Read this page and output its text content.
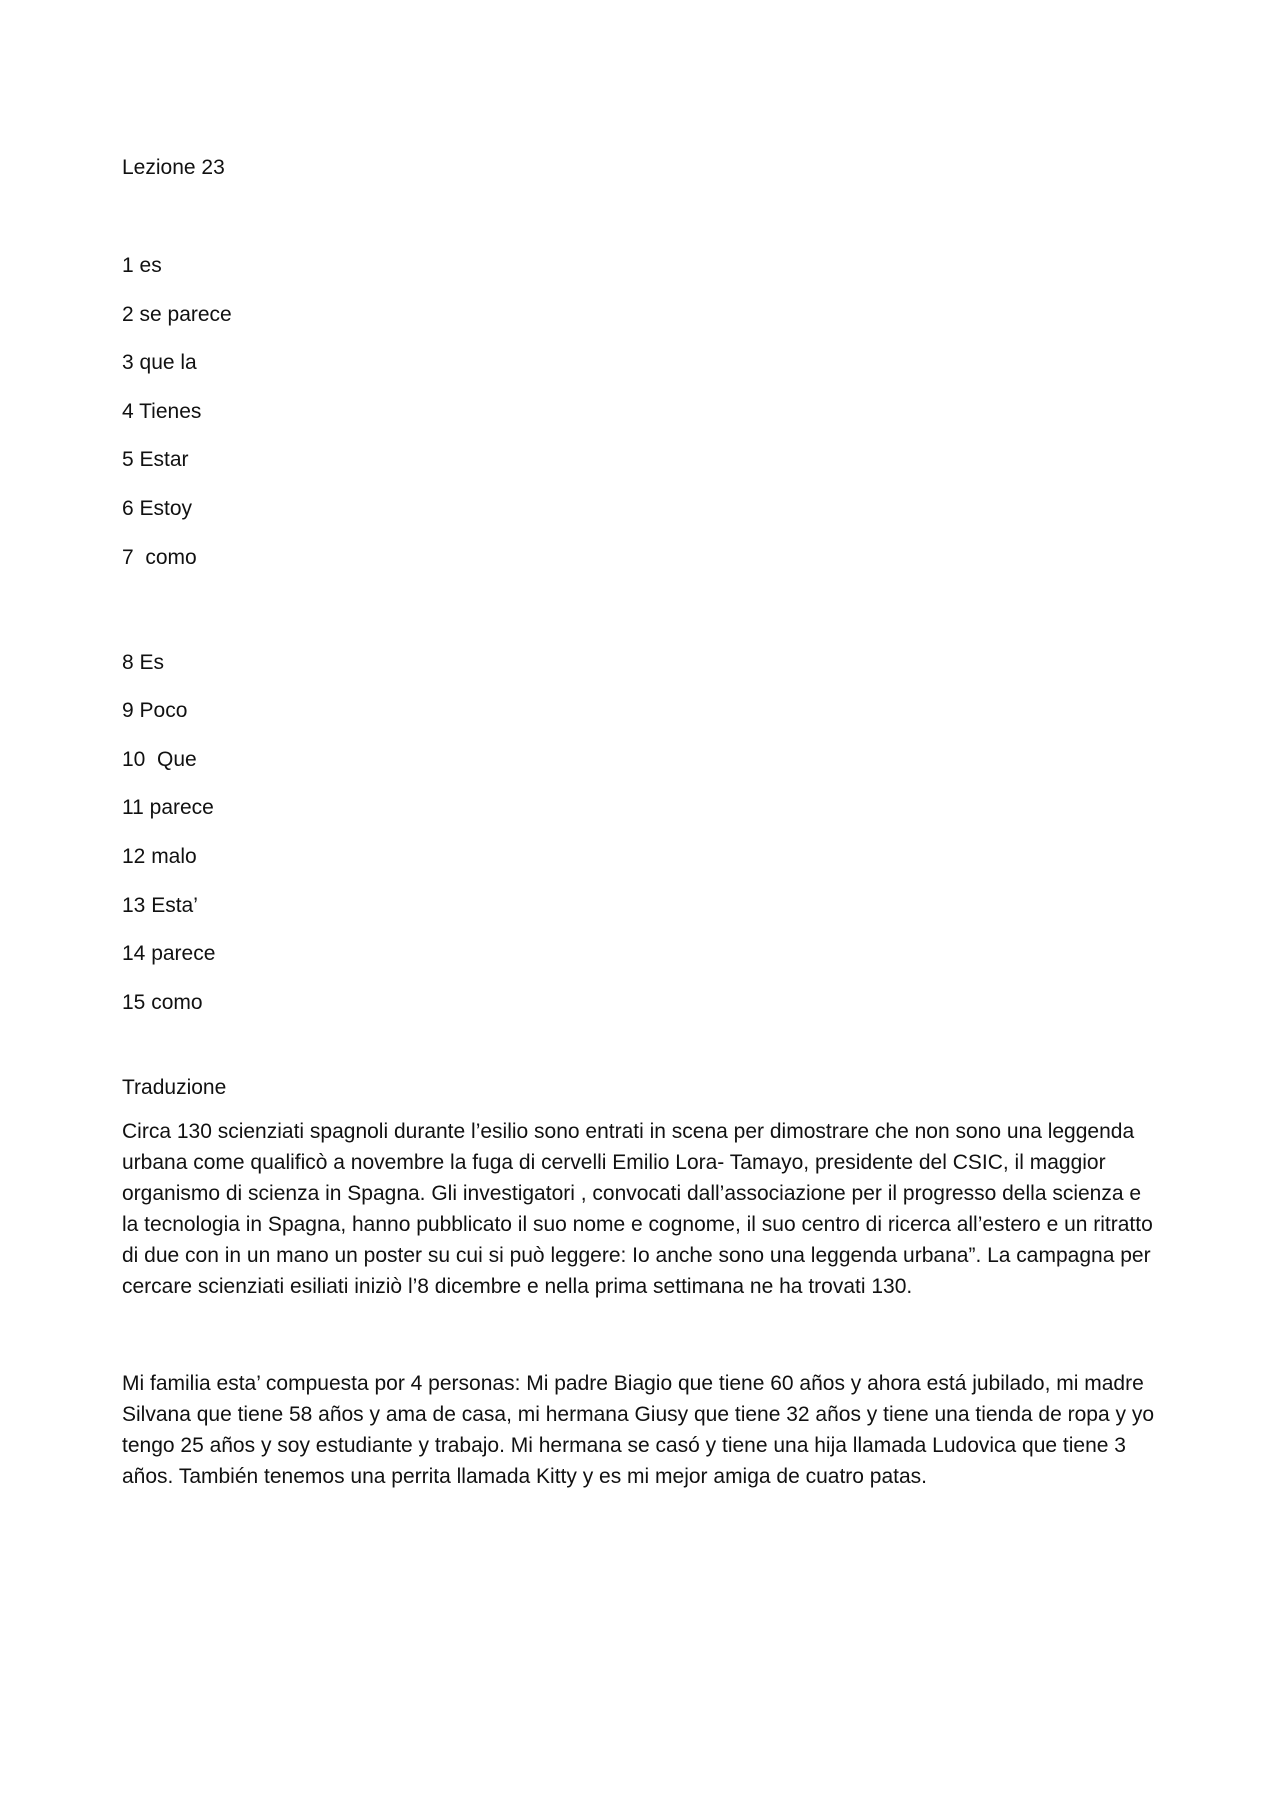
Lezione 23
1 es
2 se parece
3 que la
4 Tienes
5 Estar
6 Estoy
7  como
8 Es
9 Poco
10  Que
11 parece
12 malo
13 Esta’
14 parece
15 como
Traduzione

Circa 130 scienziati spagnoli durante l’esilio sono entrati in scena per dimostrare che non sono una leggenda urbana come qualificò a novembre la fuga di cervelli Emilio Lora- Tamayo, presidente del CSIC, il maggior organismo di scienza in Spagna. Gli investigatori , convocati dall’associazione per il progresso della scienza e la tecnologia in Spagna, hanno pubblicato il suo nome e cognome, il suo centro di ricerca all’estero e un ritratto di due con in un mano un poster su cui si può leggere: Io anche sono una leggenda urbana”. La campagna per cercare scienziati esiliati iniziò l’8 dicembre e nella prima settimana ne ha trovati 130.

Mi familia esta’ compuesta por 4 personas: Mi padre Biagio que tiene 60 años y ahora está jubilado, mi madre Silvana que tiene 58 años y ama de casa, mi hermana Giusy que tiene 32 años y tiene una tienda de ropa y yo tengo 25 años y soy estudiante y trabajo. Mi hermana se casó y tiene una hija llamada Ludovica que tiene 3 años. También tenemos una perrita llamada Kitty y es mi mejor amiga de cuatro patas.
